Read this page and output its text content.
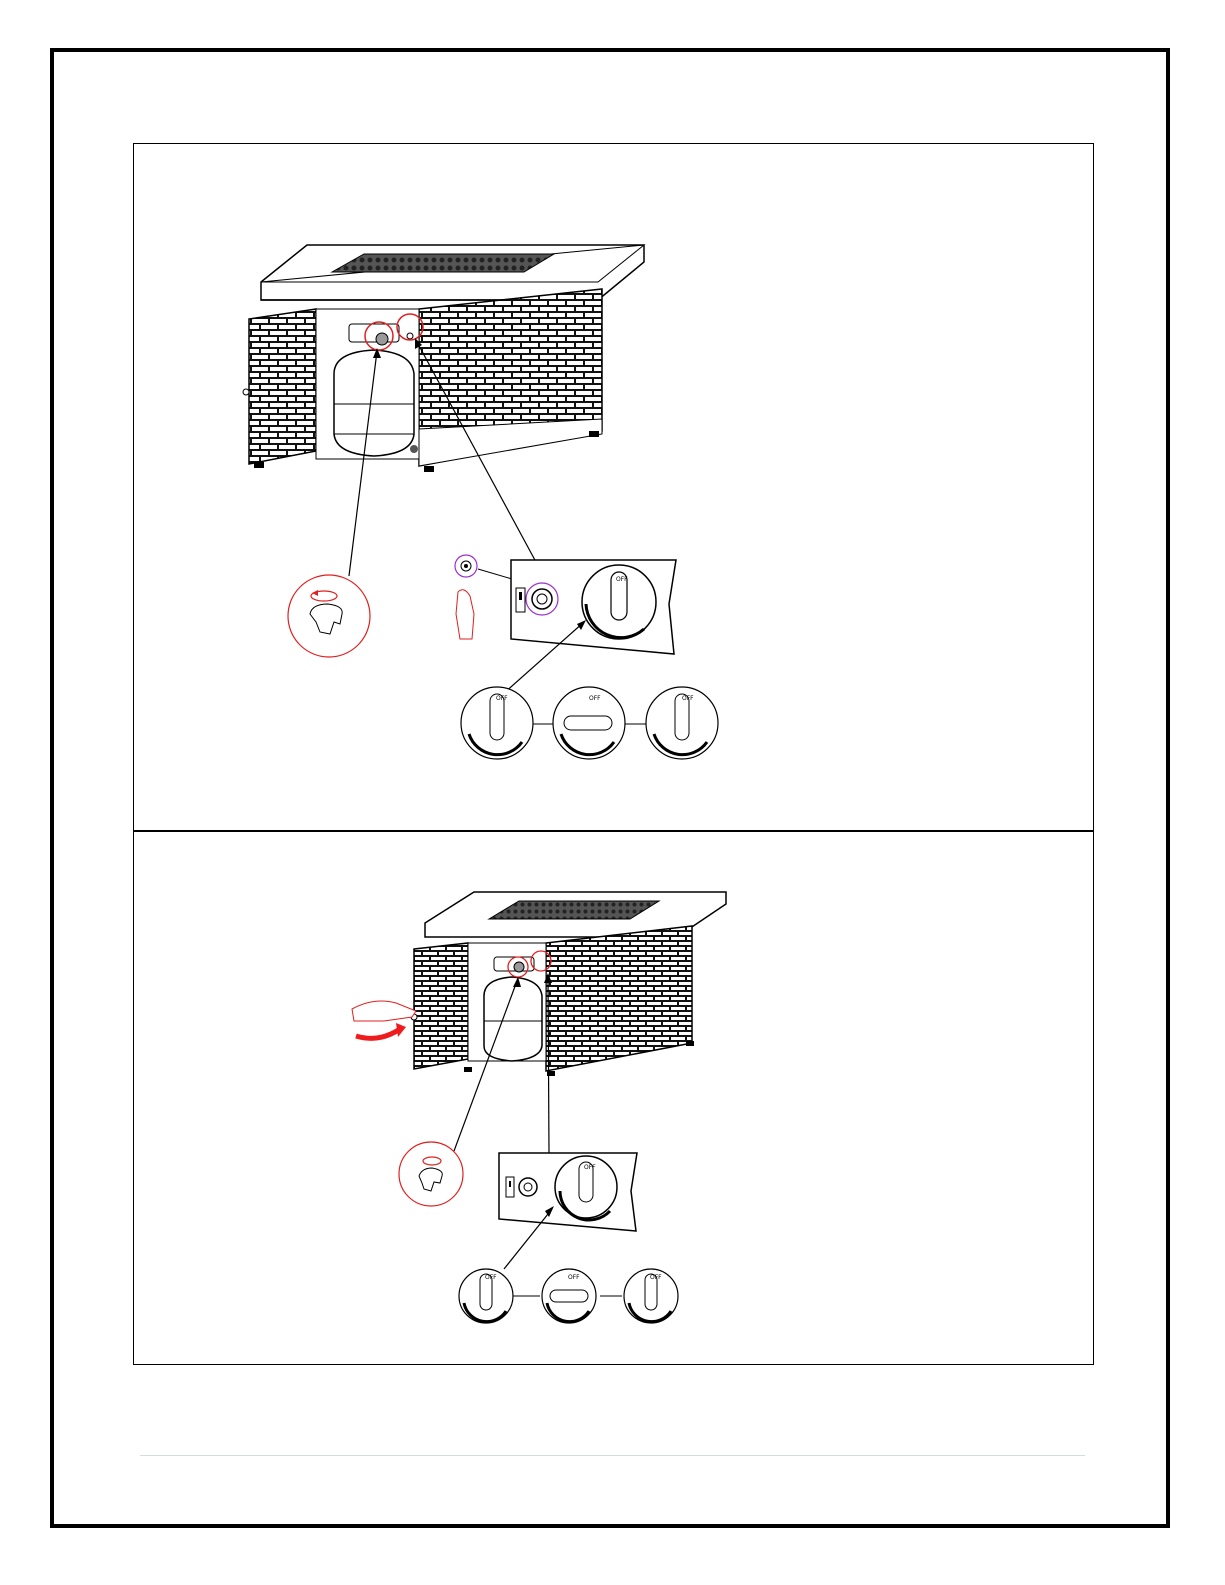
OFF
OFF	OFF	OFF
OFF
OFF	OFF	OFF
